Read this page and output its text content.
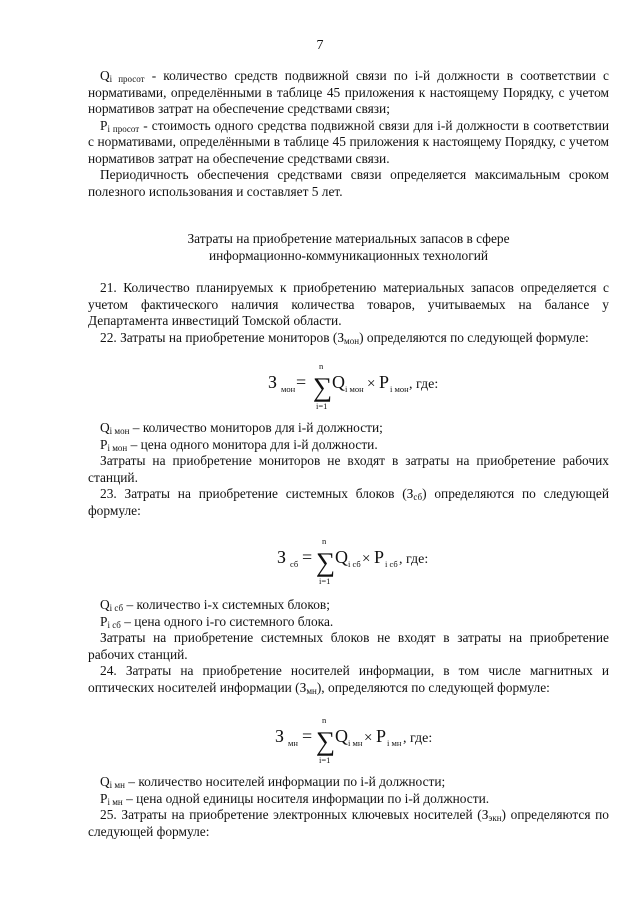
7

$Q_{i просот}$ - количество средств подвижной связи по i-й должности в соответствии с нормативами, определёнными в таблице 45 приложения к настоящему Порядку, с учетом нормативов затрат на обеспечение средствами связи;

$P_{i просот}$ - стоимость одного средства подвижной связи для i-й должности в соответствии с нормативами, определёнными в таблице 45 приложения к настоящему Порядку, с учетом нормативов затрат на обеспечение средствами связи.

Периодичность обеспечения средствами связи определяется максимальным сроком полезного использования и составляет 5 лет.

Затраты на приобретение материальных запасов в сфере
информационно-коммуникационных технологий

21. Количество планируемых к приобретению материальных запасов определяется с учетом фактического наличия количества товаров, учитываемых на балансе у Департамента инвестиций Томской области.

22. Затраты на приобретение мониторов $(З_{мон})$ определяются по следующей формуле:

З мон = ∑
n
i=1
Q i мон × P i мон , где:

$Q_{i мон}$ – количество мониторов для i-й должности;

$P_{i мон}$ – цена одного монитора для i-й должности.

Затраты на приобретение мониторов не входят в затраты на приобретение рабочих станций.

23. Затраты на приобретение системных блоков $(З_{сб})$ определяются по следующей формуле:

З сб = ∑
n
i=1
Q i сб × P i сб , где:

$Q_{i сб}$ – количество i-х системных блоков;

$P_{i сб}$ – цена одного i-го системного блока.

Затраты на приобретение системных блоков не входят в затраты на приобретение рабочих станций.

24. Затраты на приобретение носителей информации, в том числе магнитных и оптических носителей информации $(З_{мн})$, определяются по следующей формуле:

З мн = ∑
n
i=1
Q i мн × P i мн , где:

$Q_{i мн}$ – количество носителей информации по i-й должности;

$P_{i мн}$ – цена одной единицы носителя информации по i-й должности.

25. Затраты на приобретение электронных ключевых носителей $(З_{экн})$ определяются по следующей формуле:
